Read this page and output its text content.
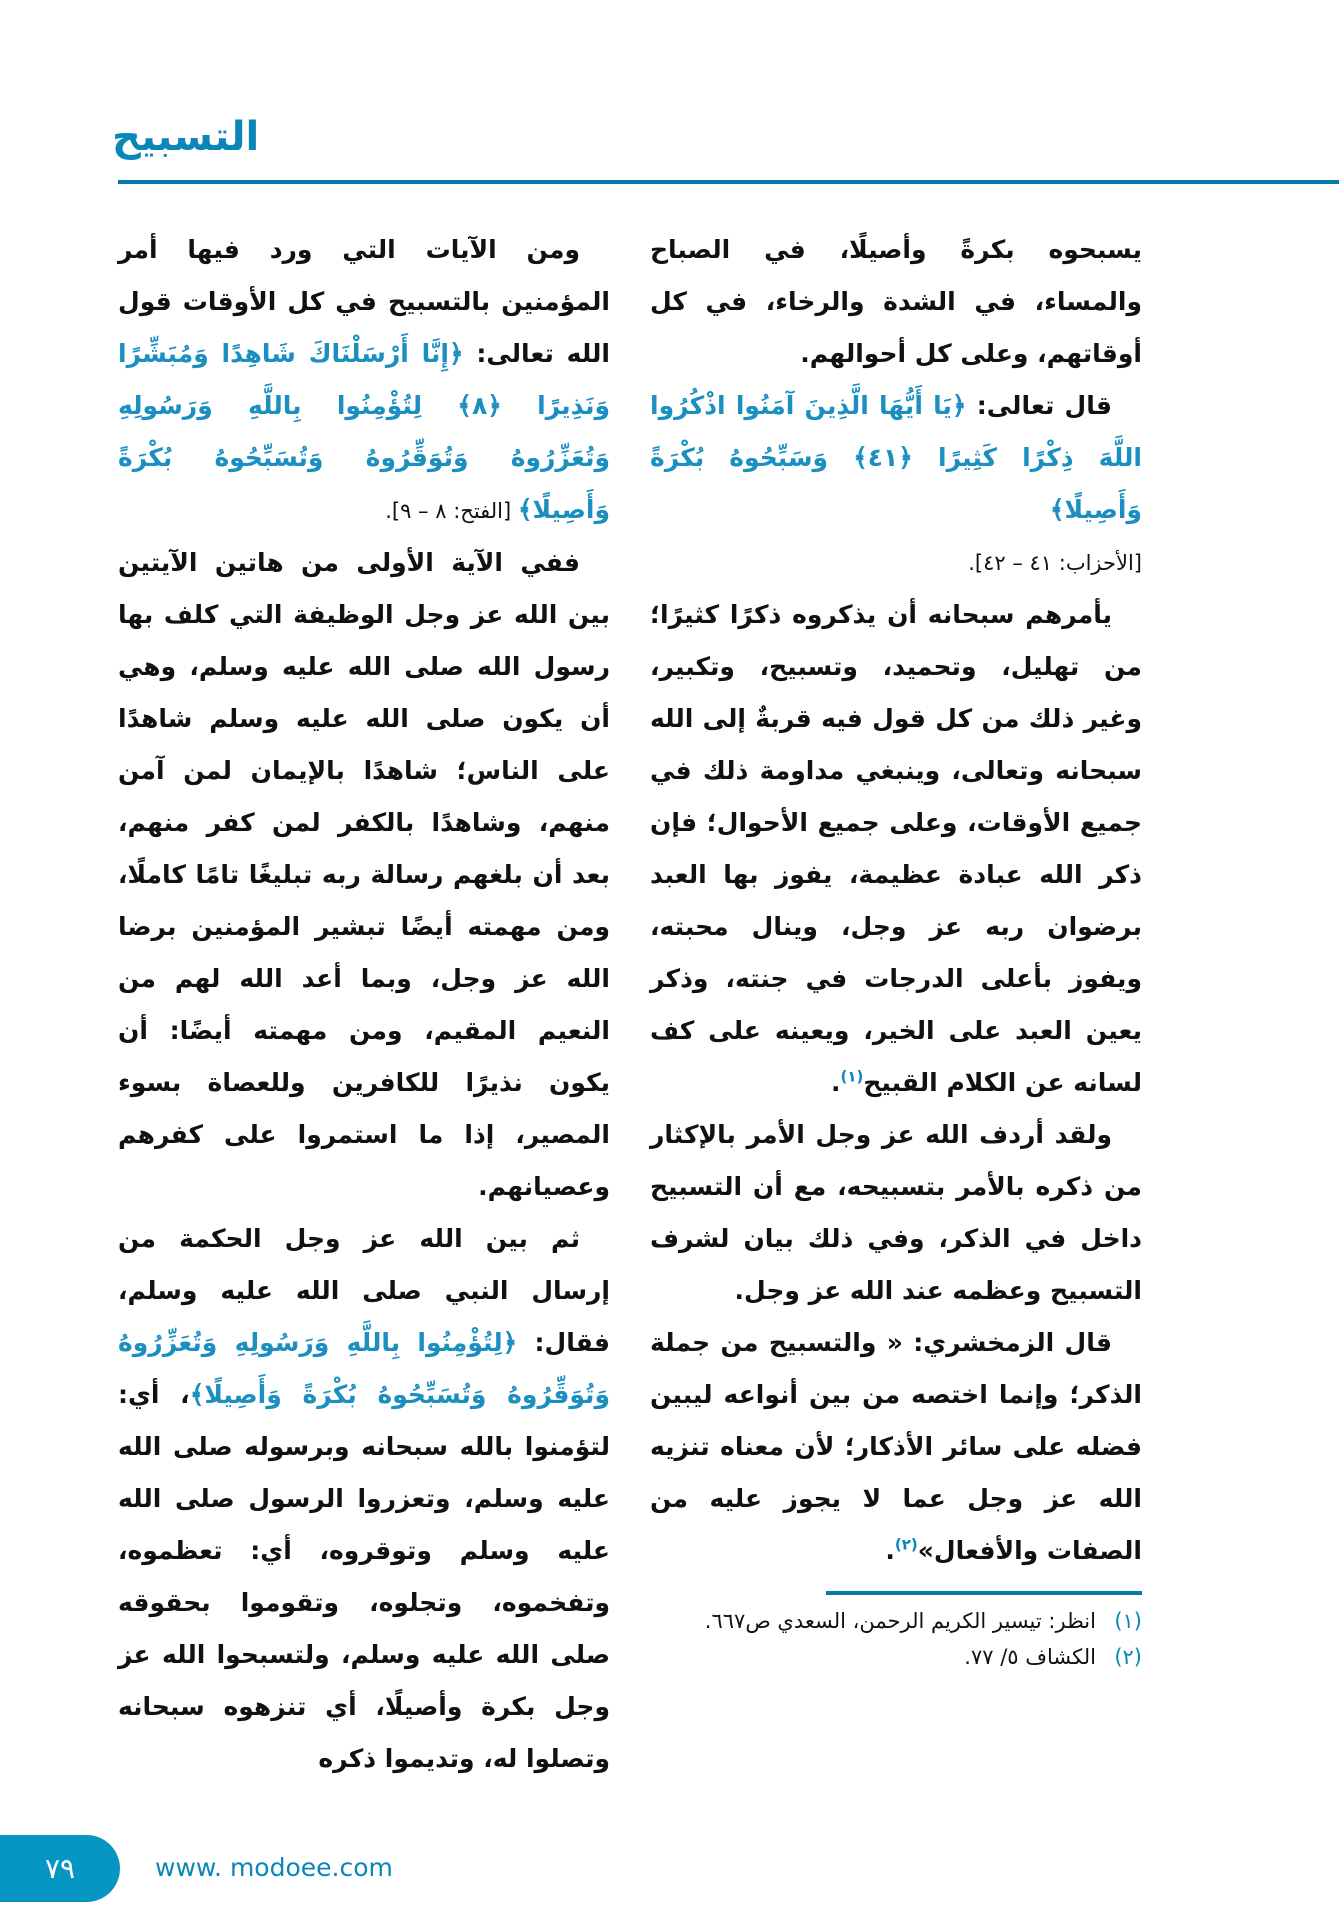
التسبيح

يسبحوه بكرةً وأصيلًا، في الصباح والمساء، في الشدة والرخاء، في كل أوقاتهم، وعلى كل أحوالهم.

قال تعالى: ﴿يَا أَيُّهَا الَّذِينَ آمَنُوا اذْكُرُوا اللَّهَ ذِكْرًا كَثِيرًا ﴿٤١﴾ وَسَبِّحُوهُ بُكْرَةً وَأَصِيلًا﴾
[الأحزاب: ٤١ – ٤٢].

يأمرهم سبحانه أن يذكروه ذكرًا كثيرًا؛ من تهليل، وتحميد، وتسبيح، وتكبير، وغير ذلك من كل قول فيه قربةٌ إلى الله سبحانه وتعالى، وينبغي مداومة ذلك في جميع الأوقات، وعلى جميع الأحوال؛ فإن ذكر الله عبادة عظيمة، يفوز بها العبد برضوان ربه عز وجل، وينال محبته، ويفوز بأعلى الدرجات في جنته، وذكر يعين العبد على الخير، ويعينه على كف لسانه عن الكلام القبيح$^{(١)}$.

ولقد أردف الله عز وجل الأمر بالإكثار من ذكره بالأمر بتسبيحه، مع أن التسبيح داخل في الذكر، وفي ذلك بيان لشرف التسبيح وعظمه عند الله عز وجل.

قال الزمخشري: « والتسبيح من جملة الذكر؛ وإنما اختصه من بين أنواعه ليبين فضله على سائر الأذكار؛ لأن معناه تنزيه الله عز وجل عما لا يجوز عليه من الصفات والأفعال»$^{(٢)}$.

(١)
انظر: تيسير الكريم الرحمن، السعدي ص٦٦٧.
(٢)
الكشاف ٥/ ٧٧.

ومن الآيات التي ورد فيها أمر المؤمنين بالتسبيح في كل الأوقات قول الله تعالى: ﴿إِنَّا أَرْسَلْنَاكَ شَاهِدًا وَمُبَشِّرًا وَنَذِيرًا ﴿٨﴾ لِتُؤْمِنُوا بِاللَّهِ وَرَسُولِهِ وَتُعَزِّرُوهُ وَتُوَقِّرُوهُ وَتُسَبِّحُوهُ بُكْرَةً وَأَصِيلًا﴾ [الفتح: ٨ – ٩].

ففي الآية الأولى من هاتين الآيتين بين الله عز وجل الوظيفة التي كلف بها رسول الله صلى الله عليه وسلم، وهي أن يكون صلى الله عليه وسلم شاهدًا على الناس؛ شاهدًا بالإيمان لمن آمن منهم، وشاهدًا بالكفر لمن كفر منهم، بعد أن بلغهم رسالة ربه تبليغًا تامًا كاملًا، ومن مهمته أيضًا تبشير المؤمنين برضا الله عز وجل، وبما أعد الله لهم من النعيم المقيم، ومن مهمته أيضًا: أن يكون نذيرًا للكافرين وللعصاة بسوء المصير، إذا ما استمروا على كفرهم وعصيانهم.

ثم بين الله عز وجل الحكمة من إرسال النبي صلى الله عليه وسلم، فقال: ﴿لِتُؤْمِنُوا بِاللَّهِ وَرَسُولِهِ وَتُعَزِّرُوهُ وَتُوَقِّرُوهُ وَتُسَبِّحُوهُ بُكْرَةً وَأَصِيلًا﴾، أي: لتؤمنوا بالله سبحانه وبرسوله صلى الله عليه وسلم، وتعزروا الرسول صلى الله عليه وسلم وتوقروه، أي: تعظموه، وتفخموه، وتجلوه، وتقوموا بحقوقه صلى الله عليه وسلم، ولتسبحوا الله عز وجل بكرة وأصيلًا، أي تنزهوه سبحانه وتصلوا له، وتديموا ذكره

٧٩	www. modoee.com
